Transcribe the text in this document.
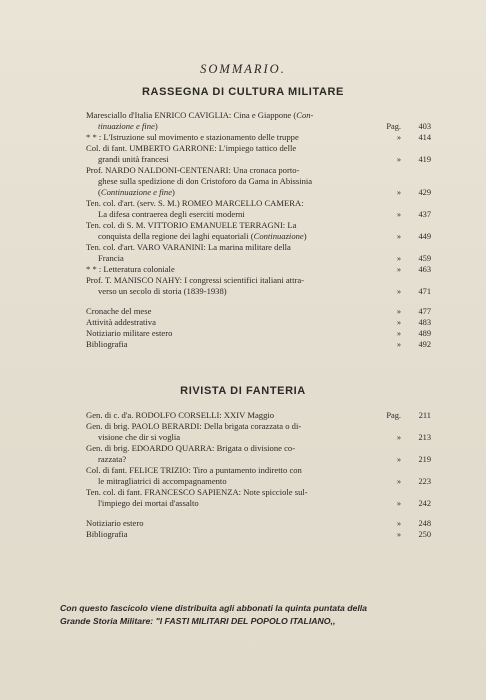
SOMMARIO.
RASSEGNA DI CULTURA MILITARE
Maresciallo d'Italia ENRICO CAVIGLIA: Cina e Giappone (Con-
tinuazione e fine)	Pag.	403
* * : L'Istruzione sul movimento e stazionamento delle truppe	»	414
Col. di fant. UMBERTO GARRONE: L'impiego tattico delle
grandi unità francesi	»	419
Prof. NARDO NALDONI-CENTENARI: Una cronaca porto-
ghese sulla spedizione di don Cristoforo da Gama in Abissinia
(Continuazione e fine)	»	429
Ten. col. d'art. (serv. S. M.) ROMEO MARCELLO CAMERA:
La difesa contraerea degli eserciti moderni	»	437
Ten. col. di S. M. VITTORIO EMANUELE TERRAGNI: La
conquista della regione dei laghi equatoriali (Continuazione)	»	449
Ten. col. d'art. VARO VARANINI: La marina militare della
Francia	»	459
* * : Letteratura coloniale	»	463
Prof. T. MANISCO NAHY: I congressi scientifici italiani attra-
verso un secolo di storia (1839-1938)	»	471
Cronache del mese	»	477
Attività addestrativa	»	483
Notiziario militare estero	»	489
Bibliografia	»	492
RIVISTA DI FANTERIA
Gen. di c. d'a. RODOLFO CORSELLI: XXIV Maggio	Pag.	211
Gen. di brig. PAOLO BERARDI: Della brigata corazzata o di-
visione che dir si voglia	»	213
Gen. di brig. EDOARDO QUARRA: Brigata o divisione co-
razzata?	»	219
Col. di fant. FELICE TRIZIO: Tiro a puntamento indiretto con
le mitragliatrici di accompagnamento	»	223
Ten. col. di fant. FRANCESCO SAPIENZA: Note spicciole sul-
l'impiego dei mortai d'assalto	»	242
Notiziario estero	»	248
Bibliografia	»	250
Con questo fascicolo viene distribuita agli abbonati la quinta puntata della
Grande Storia Militare: "I FASTI MILITARI DEL POPOLO ITALIANO,,
